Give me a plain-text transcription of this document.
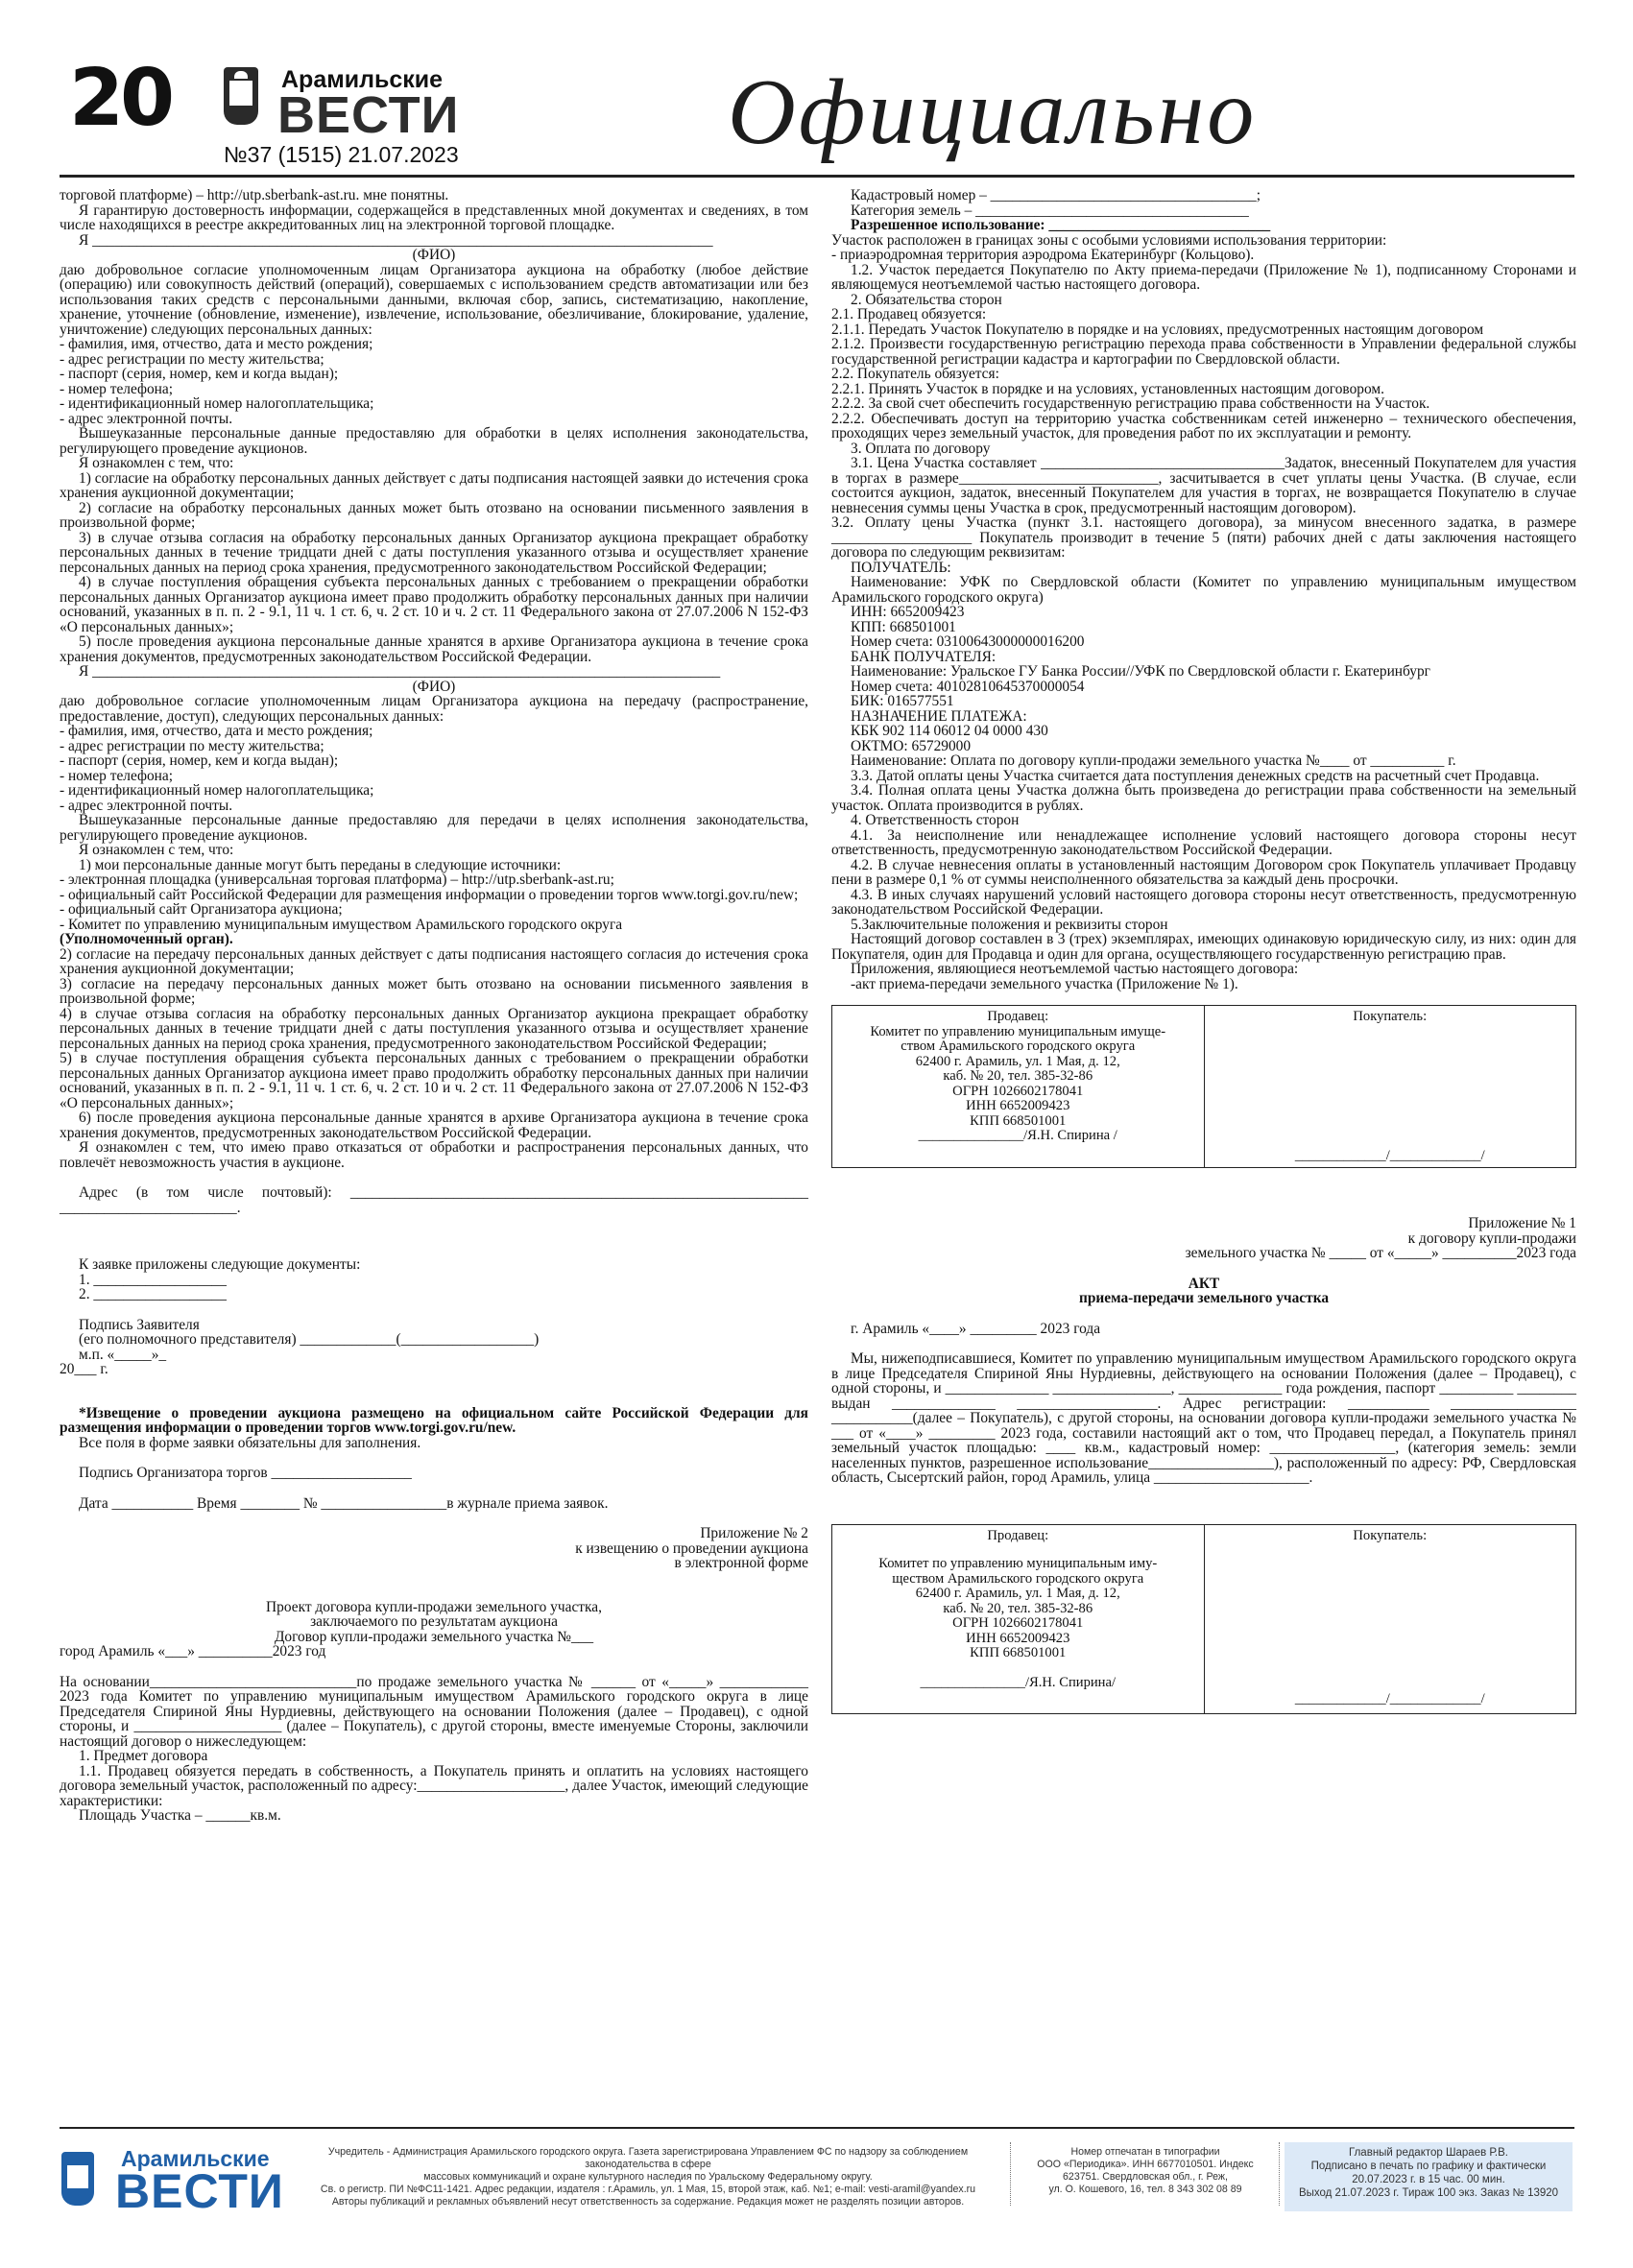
20	Арамильские
ВЕСТИ
№37 (1515) 21.07.2023	Официально
торговой платформе) – http://utp.sberbank-ast.ru. мне понятны.
Я гарантирую достоверность информации, содержащейся в представленных мной документах и сведениях, в том числе находящихся в реестре аккредитованных лиц на электронной торговой площадке.
Я ____________________________________________________________________________________
(ФИО)
даю добровольное согласие уполномоченным лицам Организатора аукциона на обработку (любое действие (операцию) или совокупность действий (операций), совершаемых с использованием средств автоматизации или без использования таких средств с персональными данными, включая сбор, запись, систематизацию, накопление, хранение, уточнение (обновление, изменение), извлечение, использование, обезличивание, блокирование, удаление, уничтожение) следующих персональных данных:
- фамилия, имя, отчество, дата и место рождения;
- адрес регистрации по месту жительства;
- паспорт (серия, номер, кем и когда выдан);
- номер телефона;
- идентификационный номер налогоплательщика;
- адрес электронной почты.
Вышеуказанные персональные данные предоставляю для обработки в целях исполнения законодательства, регулирующего проведение аукционов.
Я ознакомлен с тем, что:
1) согласие на обработку персональных данных действует с даты подписания настоящей заявки до истечения срока хранения аукционной документации;
2) согласие на обработку персональных данных может быть отозвано на основании письменного заявления в произвольной форме;
3) в случае отзыва согласия на обработку персональных данных Организатор аукциона прекращает обработку персональных данных в течение тридцати дней с даты поступления указанного отзыва и осуществляет хранение персональных данных на период срока хранения, предусмотренного законодательством Российской Федерации;
4) в случае поступления обращения субъекта персональных данных с требованием о прекращении обработки персональных данных Организатор аукциона имеет право продолжить обработку персональных данных при наличии оснований, указанных в п. п. 2 - 9.1, 11 ч. 1 ст. 6, ч. 2 ст. 10 и ч. 2 ст. 11 Федерального закона от 27.07.2006 N 152-ФЗ «О персональных данных»;
5) после проведения аукциона персональные данные хранятся в архиве Организатора аукциона в течение срока хранения документов, предусмотренных законодательством Российской Федерации.
Я _____________________________________________________________________________________
(ФИО)
даю добровольное согласие уполномоченным лицам Организатора аукциона на передачу (распространение, предоставление, доступ), следующих персональных данных:
- фамилия, имя, отчество, дата и место рождения;
- адрес регистрации по месту жительства;
- паспорт (серия, номер, кем и когда выдан);
- номер телефона;
- идентификационный номер налогоплательщика;
- адрес электронной почты.
Вышеуказанные персональные данные предоставляю для передачи в целях исполнения законодательства, регулирующего проведение аукционов.
Я ознакомлен с тем, что:
1) мои персональные данные могут быть переданы в следующие источники:
- электронная площадка (универсальная торговая платформа) – http://utp.sberbank-ast.ru;
- официальный сайт Российской Федерации для размещения информации о проведении торгов www.torgi.gov.ru/new;
- официальный сайт Организатора аукциона;
- Комитет по управлению муниципальным имуществом Арамильского городского округа
(Уполномоченный орган).
2) согласие на передачу персональных данных действует с даты подписания настоящего согласия до истечения срока хранения аукционной документации;
3) согласие на передачу персональных данных может быть отозвано на основании письменного заявления в произвольной форме;
4) в случае отзыва согласия на обработку персональных данных Организатор аукциона прекращает обработку персональных данных в течение тридцати дней с даты поступления указанного отзыва и осуществляет хранение персональных данных на период срока хранения, предусмотренного законодательством Российской Федерации;
5) в случае поступления обращения субъекта персональных данных с требованием о прекращении обработки персональных данных Организатор аукциона имеет право продолжить обработку персональных данных при наличии оснований, указанных в п. п. 2 - 9.1, 11 ч. 1 ст. 6, ч. 2 ст. 10 и ч. 2 ст. 11 Федерального закона от 27.07.2006 N 152-ФЗ «О персональных данных»;
6) после проведения аукциона персональные данные хранятся в архиве Организатора аукциона в течение срока хранения документов, предусмотренных законодательством Российской Федерации.
Я ознакомлен с тем, что имею право отказаться от обработки и распространения персональных данных, что повлечёт невозможность участия в аукционе.
Адрес (в том числе почтовый): ______________________________________________________________ ________________________.
К заявке приложены следующие документы:
1. __________________
2. __________________
Подпись Заявителя
(его полномочного представителя) _____________(__________________)
м.п. «_____»_
20___ г.
*Извещение о проведении аукциона размещено на официальном сайте Российской Федерации для размещения информации о проведении торгов www.torgi.gov.ru/new.
Все поля в форме заявки обязательны для заполнения.
Подпись Организатора торгов ___________________
Дата ___________ Время ________ № _________________в журнале приема заявок.
Приложение № 2
к извещению о проведении аукциона
в электронной форме
Проект договора купли-продажи земельного участка,
заключаемого по результатам аукциона
Договор купли-продажи земельного участка №___
город Арамиль «___» __________2023 год
На основании____________________________по продаже земельного участка № ______ от «_____» ____________ 2023 года Комитет по управлению муниципальным имуществом Арамильского городского округа в лице Председателя Спириной Яны Нурдиевны, действующего на основании Положения (далее – Продавец), с одной стороны, и ____________________ (далее – Покупатель), с другой стороны, вместе именуемые Стороны, заключили настоящий договор о нижеследующем:
1. Предмет договора
1.1. Продавец обязуется передать в собственность, а Покупатель принять и оплатить на условиях настоящего договора земельный участок, расположенный по адресу:____________________, далее Участок, имеющий следующие характеристики:
Площадь Участка – ______кв.м.
Кадастровый номер – ____________________________________;
Категория земель – _____________________________________
Разрешенное использование: ______________________________
Участок расположен в границах зоны с особыми условиями использования территории:
- приаэродромная территория аэродрома Екатеринбург (Кольцово).
1.2. Участок передается Покупателю по Акту приема-передачи (Приложение № 1), подписанному Сторонами и являющемуся неотъемлемой частью настоящего договора.
2. Обязательства сторон
2.1. Продавец обязуется:
2.1.1. Передать Участок Покупателю в порядке и на условиях, предусмотренных настоящим договором
2.1.2. Произвести государственную регистрацию перехода права собственности в Управлении федеральной службы государственной регистрации кадастра и картографии по Свердловской области.
2.2. Покупатель обязуется:
2.2.1. Принять Участок в порядке и на условиях, установленных настоящим договором.
2.2.2. За свой счет обеспечить государственную регистрацию права собственности на Участок.
2.2.2. Обеспечивать доступ на территорию участка собственникам сетей инженерно – технического обеспечения, проходящих через земельный участок, для проведения работ по их эксплуатации и ремонту.
3. Оплата по договору
3.1. Цена Участка составляет _________________________________Задаток, внесенный Покупателем для участия в торгах в размере___________________________, засчитывается в счет уплаты цены Участка. (В случае, если состоится аукцион, задаток, внесенный Покупателем для участия в торгах, не возвращается Покупателю в случае невнесения суммы цены Участка в срок, предусмотренный настоящим договором).
3.2. Оплату цены Участка (пункт 3.1. настоящего договора), за минусом внесенного задатка, в размере ___________________ Покупатель производит в течение 5 (пяти) рабочих дней с даты заключения настоящего договора по следующим реквизитам:
ПОЛУЧАТЕЛЬ:
Наименование: УФК по Свердловской области (Комитет по управлению муниципальным имуществом Арамильского городского округа)
ИНН: 6652009423
КПП: 668501001
Номер счета: 03100643000000016200
БАНК ПОЛУЧАТЕЛЯ:
Наименование: Уральское ГУ Банка России//УФК по Свердловской области г. Екатеринбург
Номер счета: 40102810645370000054
БИК: 016577551
НАЗНАЧЕНИЕ ПЛАТЕЖА:
КБК 902 114 06012 04 0000 430
ОКТМО: 65729000
Наименование: Оплата по договору купли-продажи земельного участка №____ от __________ г.
3.3. Датой оплаты цены Участка считается дата поступления денежных средств на расчетный счет Продавца.
3.4. Полная оплата цены Участка должна быть произведена до регистрации права собственности на земельный участок. Оплата производится в рублях.
4. Ответственность сторон
4.1. За неисполнение или ненадлежащее исполнение условий настоящего договора стороны несут ответственность, предусмотренную законодательством Российской Федерации.
4.2. В случае невнесения оплаты в установленный настоящим Договором срок Покупатель уплачивает Продавцу пени в размере 0,1 % от суммы неисполненного обязательства за каждый день просрочки.
4.3. В иных случаях нарушений условий настоящего договора стороны несут ответственность, предусмотренную законодательством Российской Федерации.
5.Заключительные положения и реквизиты сторон
Настоящий договор составлен в 3 (трех) экземплярах, имеющих одинаковую юридическую силу, из них: один для Покупателя, один для Продавца и один для органа, осуществляющего государственную регистрацию прав.
Приложения, являющиеся неотъемлемой частью настоящего договора:
-акт приема-передачи земельного участка (Приложение № 1).
Продавец:
Комитет по управлению муниципальным имуще-
ством Арамильского городского округа
62400 г. Арамиль, ул. 1 Мая, д. 12,
каб. № 20, тел. 385-32-86
ОГРН 1026602178041
ИНН 6652009423
КПП 668501001
_______________/Я.Н. Спирина /
Покупатель:
_____________/_____________/
Приложение № 1
к договору купли-продажи
земельного участка № _____ от «_____» __________2023 года
АКТ
приема-передачи земельного участка
г. Арамиль «____» _________ 2023 года
Мы, нижеподписавшиеся, Комитет по управлению муниципальным имуществом Арамильского городского округа в лице Председателя Спириной Яны Нурдиевны, действующего на основании Положения (далее – Продавец), с одной стороны, и ______________ ________________, ______________ года рождения, паспорт __________ ________ выдан ______________ ___________________. Адрес регистрации: ___________ _________________ ___________(далее – Покупатель), с другой стороны, на основании договора купли-продажи земельного участка № ___ от «____» _________ 2023 года, составили настоящий акт о том, что Продавец передал, а Покупатель принял земельный участок площадью: ____ кв.м., кадастровый номер: _________________, (категория земель: земли населенных пунктов, разрешенное использование_________________), расположенный по адресу: РФ, Свердловская область, Сысертский район, город Арамиль, улица _____________________.
Продавец:
Комитет по управлению муниципальным иму-
ществом Арамильского городского округа
62400 г. Арамиль, ул. 1 Мая, д. 12,
каб. № 20, тел. 385-32-86
ОГРН 1026602178041
ИНН 6652009423
КПП 668501001

_______________/Я.Н. Спирина/
Покупатель:
_____________/_____________/
Арамильские
ВЕСТИ
Учредитель - Администрация Арамильского городского округа. Газета зарегистрирована Управлением ФС по надзору за соблюдением законодательства в сфере
массовых коммуникаций и охране культурного наследия по Уральскому Федеральному округу.
Св. о регистр. ПИ №ФС11-1421. Адрес редакции, издателя : г.Арамиль, ул. 1 Мая, 15, второй этаж, каб. №1; e-mail: vesti-aramil@yandex.ru
Авторы публикаций и рекламных объявлений несут ответственность за содержание. Редакция может не разделять позиции авторов.
Номер отпечатан в типографии
ООО «Периодика». ИНН 6677010501. Индекс
623751. Свердловская обл., г. Реж,
ул. О. Кошевого, 16, тел. 8 343 302 08 89
Главный редактор Шараев Р.В.
Подписано в печать по графику и фактически
20.07.2023 г. в 15 час. 00 мин.
Выход 21.07.2023 г. Тираж 100 экз. Заказ № 13920
